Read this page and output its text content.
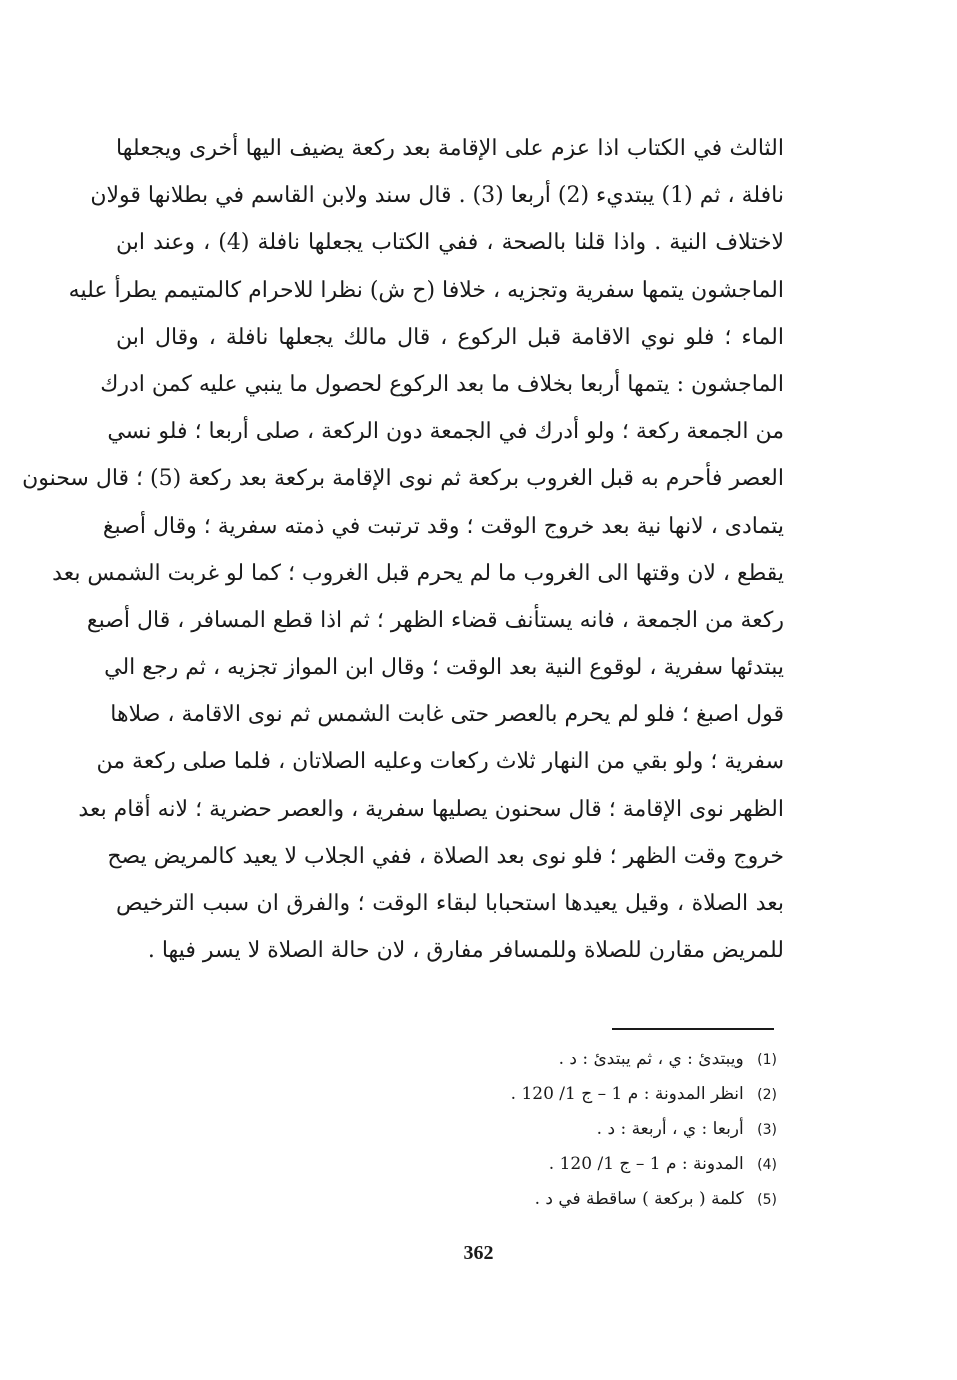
الثالث في الكتاب اذا عزم على الإقامة بعد ركعة يضيف اليها أخرى ويجعلها
نافلة ، ثم (1) يبتديء (2) أربعا (3) . قال سند ولابن القاسم في بطلانها قولان
لاختلاف النية . واذا قلنا بالصحة ، ففي الكتاب يجعلها نافلة (4) ، وعند ابن
الماجشون يتمها سفرية وتجزيه ، خلافا (ح ش) نظرا للاحرام كالمتيمم يطرأ عليه
الماء ؛ فلو نوي الاقامة قبل الركوع ، قال مالك يجعلها نافلة ، وقال ابن
الماجشون : يتمها أربعا بخلاف ما بعد الركوع لحصول ما ينبي عليه كمن ادرك
من الجمعة ركعة ؛ ولو أدرك في الجمعة دون الركعة ، صلى أربعا ؛ فلو نسي
العصر فأحرم به قبل الغروب بركعة ثم نوى الإقامة بركعة بعد ركعة (5) ؛ قال سحنون
يتمادى ، لانها نية بعد خروج الوقت ؛ وقد ترتبت في ذمته سفرية ؛ وقال أصبغ
يقطع ، لان وقتها الى الغروب ما لم يحرم قبل الغروب ؛ كما لو غربت الشمس بعد
ركعة من الجمعة ، فانه يستأنف قضاء الظهر ؛ ثم اذا قطع المسافر ، قال أصبع
يبتدئها سفرية ، لوقوع النية بعد الوقت ؛ وقال ابن المواز تجزيه ، ثم رجع الي
قول اصبغ ؛ فلو لم يحرم بالعصر حتى غابت الشمس ثم نوى الاقامة ، صلاها
سفرية ؛ ولو بقي من النهار ثلاث ركعات وعليه الصلاتان ، فلما صلى ركعة من
الظهر نوى الإقامة ؛ قال سحنون يصليها سفرية ، والعصر حضرية ؛ لانه أقام بعد
خروج وقت الظهر ؛ فلو نوى بعد الصلاة ، ففي الجلاب لا يعيد كالمريض يصح
بعد الصلاة ، وقيل يعيدها استحبابا لبقاء الوقت ؛ والفرق ان سبب الترخيص
للمريض مقارن للصلاة وللمسافر مفارق ، لان حالة الصلاة لا يسر فيها .
(1) ويبتدئ : ي ، ثم يبتدئ : د .
(2) انظر المدونة : م 1 – ج 1/ 120 .
(3) أربعا : ي ، أربعة : د .
(4) المدونة : م 1 – ج 1/ 120 .
(5) كلمة ( بركعة ) ساقطة في د .
362
